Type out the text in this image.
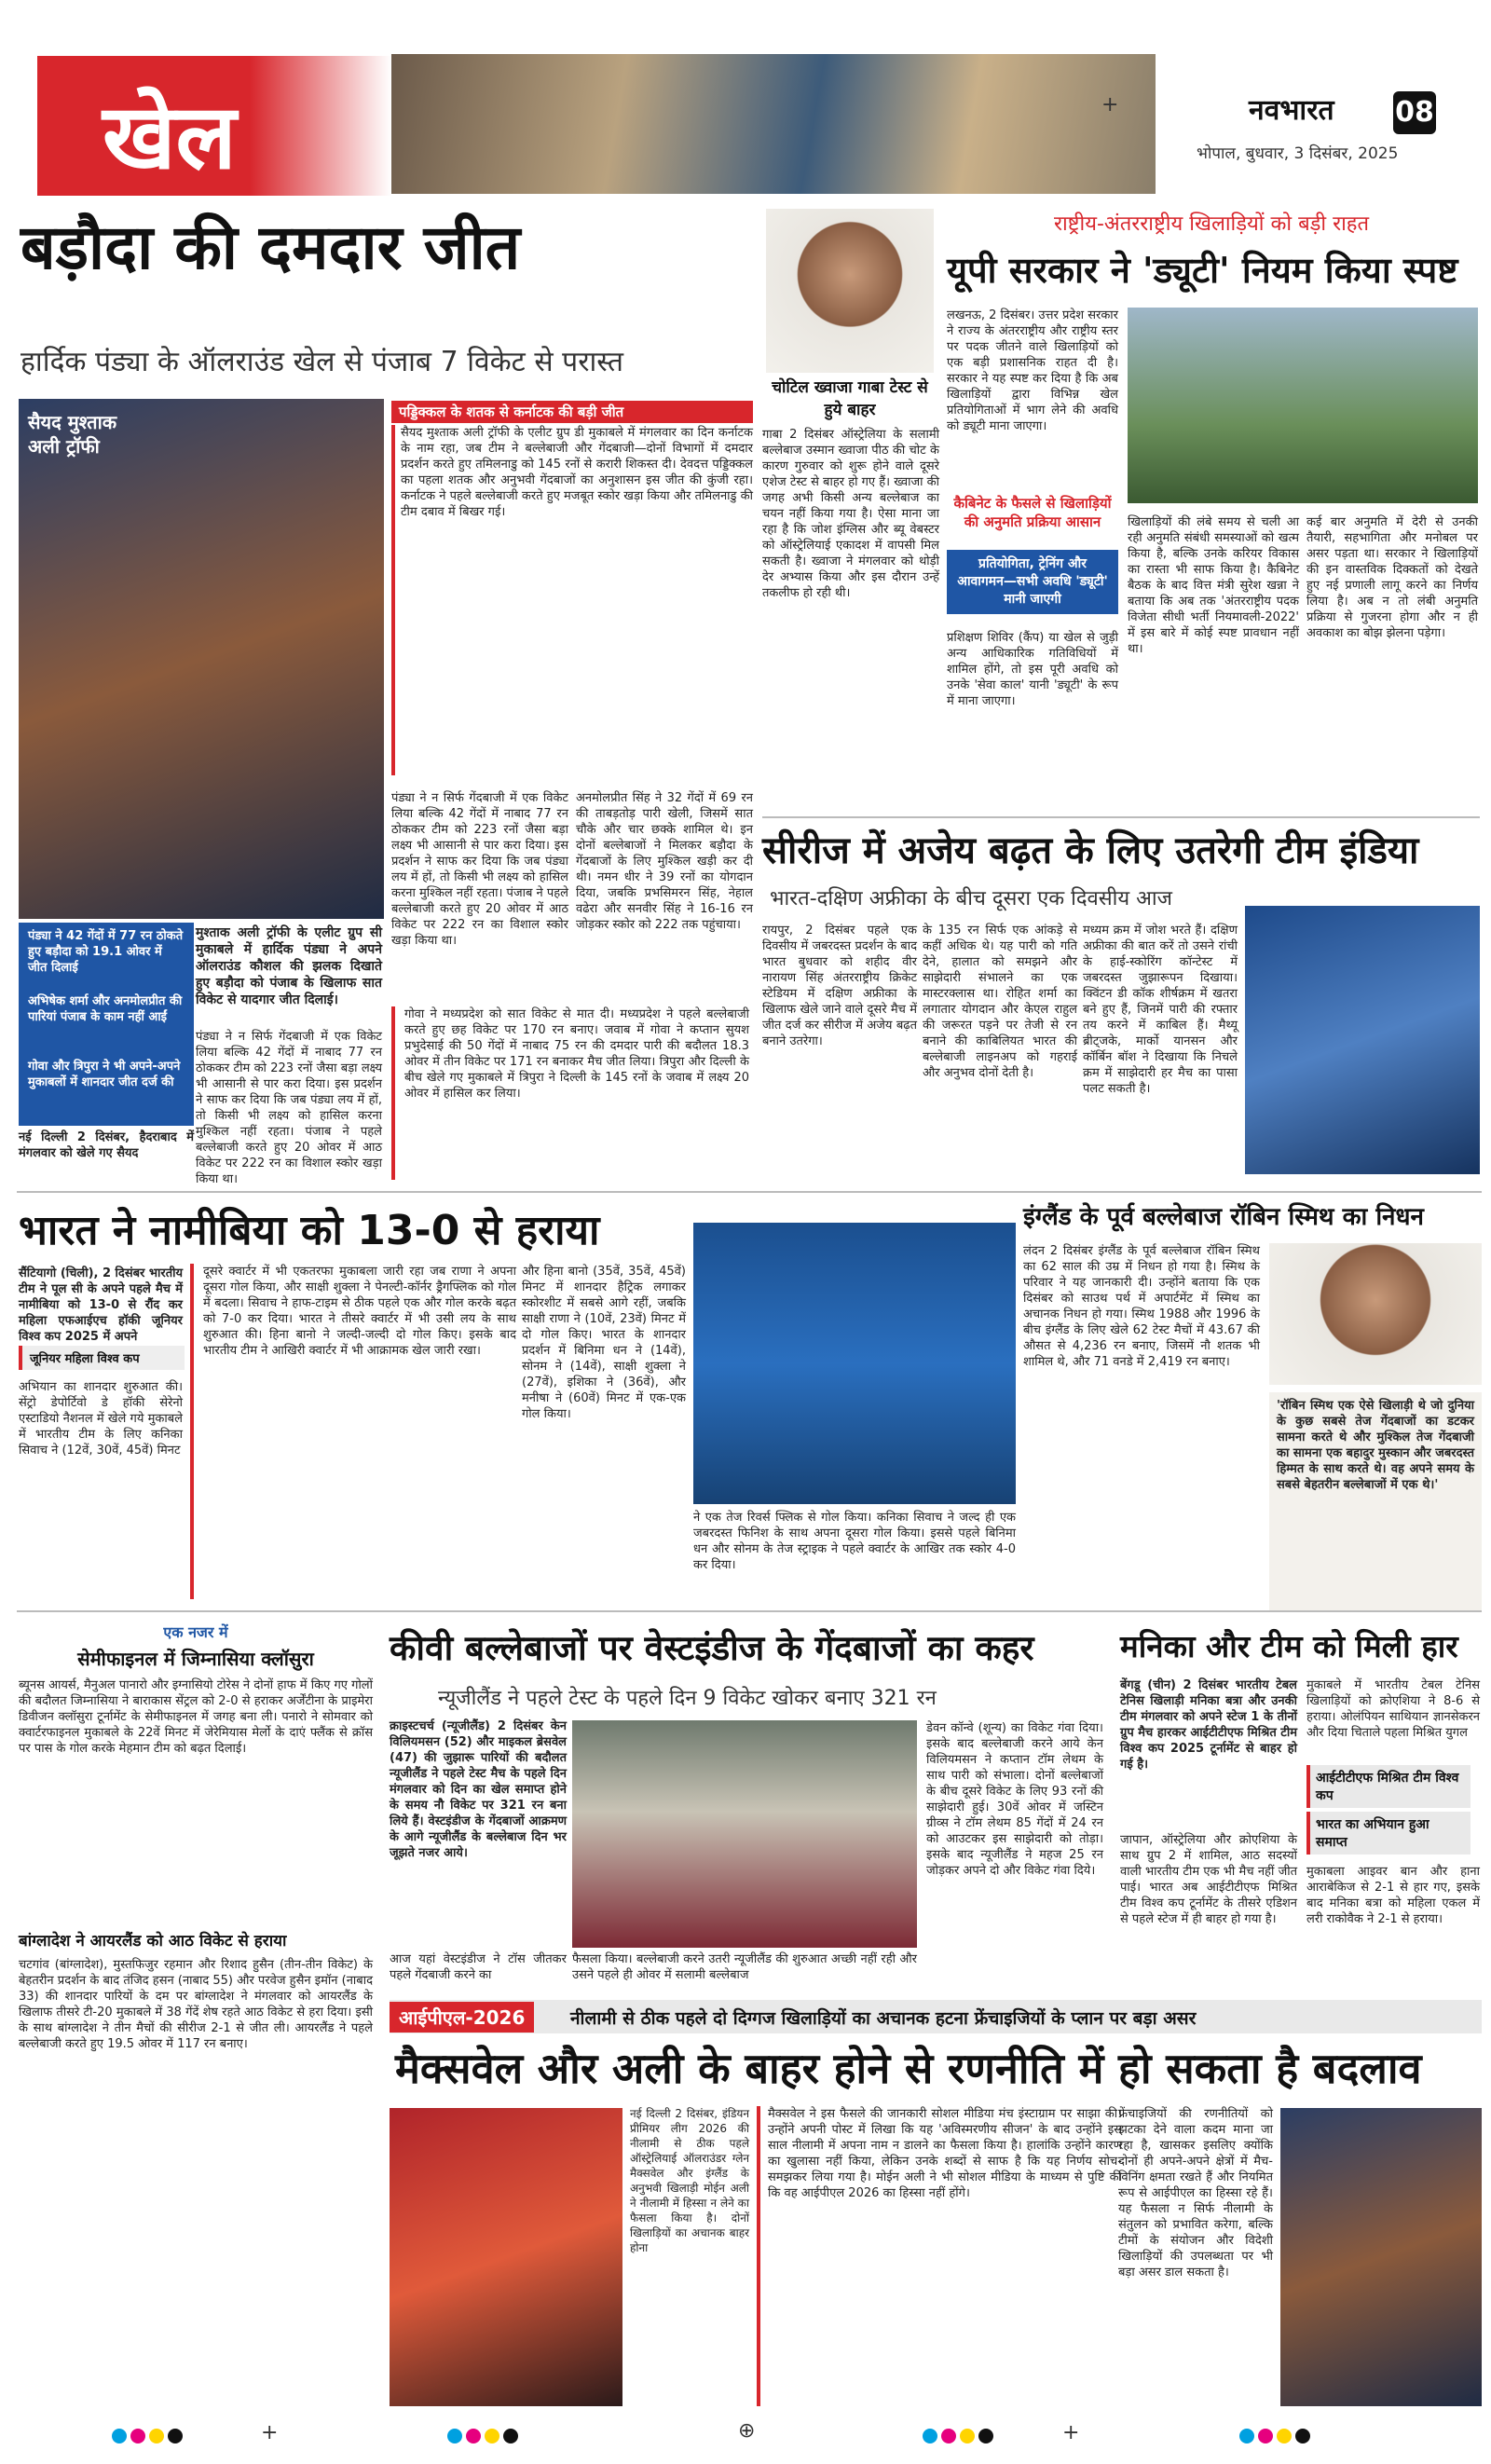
खेल	+	नवभारत 08
भोपाल, बुधवार, 3 दिसंबर, 2025
बड़ौदा की दमदार जीत
हार्दिक पंड्या के ऑलराउंड खेल से पंजाब 7 विकेट से परास्त
सैयद मुश्ताक अली ट्रॉफी
पंड्या ने 42 गेंदों में 77 रन ठोकते हुए बड़ौदा को 19.1 ओवर में जीत दिलाई
अभिषेक शर्मा और अनमोलप्रीत की पारियां पंजाब के काम नहीं आईं
गोवा और त्रिपुरा ने भी अपने-अपने मुकाबलों में शानदार जीत दर्ज की
नई दिल्ली 2 दिसंबर, हैदराबाद में मंगलवार को खेले गए सैयद
मुश्ताक अली ट्रॉफी के एलीट ग्रुप सी मुकाबले में हार्दिक पंड्या ने अपने ऑलराउंड कौशल की झलक दिखाते हुए बड़ौदा को पंजाब के खिलाफ सात विकेट से यादगार जीत दिलाई।
पंड्या ने न सिर्फ गेंदबाजी में एक विकेट लिया बल्कि 42 गेंदों में नाबाद 77 रन ठोककर टीम को 223 रनों जैसा बड़ा लक्ष्य भी आसानी से पार करा दिया। इस प्रदर्शन ने साफ कर दिया कि जब पंड्या लय में हों, तो किसी भी लक्ष्य को हासिल करना मुश्किल नहीं रहता। पंजाब ने पहले बल्लेबाजी करते हुए 20 ओवर में आठ विकेट पर 222 रन का विशाल स्कोर खड़ा किया था।
पड्डिक्कल के शतक से कर्नाटक की बड़ी जीत
सैयद मुश्ताक अली ट्रॉफी के एलीट ग्रुप डी मुकाबले में मंगलवार का दिन कर्नाटक के नाम रहा, जब टीम ने बल्लेबाजी और गेंदबाजी—दोनों विभागों में दमदार प्रदर्शन करते हुए तमिलनाडु को 145 रनों से करारी शिकस्त दी। देवदत्त पड्डिक्कल का पहला शतक और अनुभवी गेंदबाजों का अनुशासन इस जीत की कुंजी रहा। कर्नाटक ने पहले बल्लेबाजी करते हुए मजबूत स्कोर खड़ा किया और तमिलनाडु की टीम दबाव में बिखर गई।
पंड्या ने न सिर्फ गेंदबाजी में एक विकेट लिया बल्कि 42 गेंदों में नाबाद 77 रन ठोककर टीम को 223 रनों जैसा बड़ा लक्ष्य भी आसानी से पार करा दिया। इस प्रदर्शन ने साफ कर दिया कि जब पंड्या लय में हों, तो किसी भी लक्ष्य को हासिल करना मुश्किल नहीं रहता। पंजाब ने पहले बल्लेबाजी करते हुए 20 ओवर में आठ विकेट पर 222 रन का विशाल स्कोर खड़ा किया था।
अनमोलप्रीत सिंह ने 32 गेंदों में 69 रन की ताबड़तोड़ पारी खेली, जिसमें सात चौके और चार छक्के शामिल थे। इन दोनों बल्लेबाजों ने मिलकर बड़ौदा के गेंदबाजों के लिए मुश्किल खड़ी कर दी थी। नमन धीर ने 39 रनों का योगदान दिया, जबकि प्रभसिमरन सिंह, नेहाल वढेरा और सनवीर सिंह ने 16-16 रन जोड़कर स्कोर को 222 तक पहुंचाया।
गोवा ने मध्यप्रदेश को सात विकेट से मात दी। मध्यप्रदेश ने पहले बल्लेबाजी करते हुए छह विकेट पर 170 रन बनाए। जवाब में गोवा ने कप्तान सुयश प्रभुदेसाई की 50 गेंदों में नाबाद 75 रन की दमदार पारी की बदौलत 18.3 ओवर में तीन विकेट पर 171 रन बनाकर मैच जीत लिया। त्रिपुरा और दिल्ली के बीच खेले गए मुकाबले में त्रिपुरा ने दिल्ली के 145 रनों के जवाब में लक्ष्य 20 ओवर में हासिल कर लिया।
चोटिल ख्वाजा गाबा टेस्ट से हुये बाहर
गाबा 2 दिसंबर ऑस्ट्रेलिया के सलामी बल्लेबाज उस्मान ख्वाजा पीठ की चोट के कारण गुरुवार को शुरू होने वाले दूसरे एशेज टेस्ट से बाहर हो गए हैं। ख्वाजा की जगह अभी किसी अन्य बल्लेबाज का चयन नहीं किया गया है। ऐसा माना जा रहा है कि जोश इंग्लिस और ब्यू वेबस्टर को ऑस्ट्रेलियाई एकादश में वापसी मिल सकती है। ख्वाजा ने मंगलवार को थोड़ी देर अभ्यास किया और इस दौरान उन्हें तकलीफ हो रही थी।
राष्ट्रीय-अंतरराष्ट्रीय खिलाड़ियों को बड़ी राहत
यूपी सरकार ने 'ड्यूटी' नियम किया स्पष्ट
लखनऊ, 2 दिसंबर। उत्तर प्रदेश सरकार ने राज्य के अंतरराष्ट्रीय और राष्ट्रीय स्तर पर पदक जीतने वाले खिलाड़ियों को एक बड़ी प्रशासनिक राहत दी है। सरकार ने यह स्पष्ट कर दिया है कि अब खिलाड़ियों द्वारा विभिन्न खेल प्रतियोगिताओं में भाग लेने की अवधि को ड्यूटी माना जाएगा।
कैबिनेट के फैसले से खिलाड़ियों की अनुमति प्रक्रिया आसान
प्रतियोगिता, ट्रेनिंग और आवागमन—सभी अवधि 'ड्यूटी' मानी जाएगी
प्रशिक्षण शिविर (कैंप) या खेल से जुड़ी अन्य आधिकारिक गतिविधियों में शामिल होंगे, तो इस पूरी अवधि को उनके 'सेवा काल' यानी 'ड्यूटी' के रूप में माना जाएगा।
खिलाड़ियों की लंबे समय से चली आ रही अनुमति संबंधी समस्याओं को खत्म किया है, बल्कि उनके करियर विकास का रास्ता भी साफ किया है। कैबिनेट बैठक के बाद वित्त मंत्री सुरेश खन्ना ने बताया कि अब तक 'अंतरराष्ट्रीय पदक विजेता सीधी भर्ती नियमावली-2022' में इस बारे में कोई स्पष्ट प्रावधान नहीं था।
कई बार अनुमति में देरी से उनकी तैयारी, सहभागिता और मनोबल पर असर पड़ता था। सरकार ने खिलाड़ियों की इन वास्तविक दिक्कतों को देखते हुए नई प्रणाली लागू करने का निर्णय लिया है। अब न तो लंबी अनुमति प्रक्रिया से गुजरना होगा और न ही अवकाश का बोझ झेलना पड़ेगा।
सीरीज में अजेय बढ़त के लिए उतरेगी टीम इंडिया
भारत-दक्षिण अफ्रीका के बीच दूसरा एक दिवसीय आज
रायपुर, 2 दिसंबर पहले एक दिवसीय में जबरदस्त प्रदर्शन के बाद भारत बुधवार को शहीद वीर नारायण सिंह अंतरराष्ट्रीय क्रिकेट स्टेडियम में दक्षिण अफ्रीका के खिलाफ खेले जाने वाले दूसरे मैच में जीत दर्ज कर सीरीज में अजेय बढ़त बनाने उतरेगा।
के 135 रन सिर्फ एक आंकड़े से कहीं अधिक थे। यह पारी को गति देने, हालात को समझने और साझेदारी संभालने का एक मास्टरक्लास था। रोहित शर्मा का लगातार योगदान और केएल राहुल की जरूरत पड़ने पर तेजी से रन बनाने की काबिलियत भारत की बल्लेबाजी लाइनअप को गहराई और अनुभव दोनों देती है।
मध्यम क्रम में जोश भरते हैं। दक्षिण अफ्रीका की बात करें तो उसने रांची के हाई-स्कोरिंग कॉन्टेस्ट में जबरदस्त जुझारूपन दिखाया। क्विंटन डी कॉक शीर्षक्रम में खतरा बने हुए हैं, जिनमें पारी की रफ्तार तय करने में काबिल हैं। मैथ्यू ब्रीट्जके, मार्को यानसन और कॉर्बिन बॉश ने दिखाया कि निचले क्रम में साझेदारी हर मैच का पासा पलट सकती है।
भारत ने नामीबिया को 13-0 से हराया
सैंटियागो (चिली), 2 दिसंबर भारतीय टीम ने पूल सी के अपने पहले मैच में नामीबिया को 13-0 से रौंद कर महिला एफआईएच हॉकी जूनियर विश्व कप 2025 में अपने
जूनियर महिला विश्व कप
अभियान का शानदार शुरुआत की। सेंट्रो डेपोर्टिवो डे हॉकी सेरेनो एस्टाडियो नैशनल में खेले गये मुकाबले में भारतीय टीम के लिए कनिका सिवाच ने (12वें, 30वें, 45वें) मिनट
दूसरे क्वार्टर में भी एकतरफा मुकाबला जारी रहा जब राणा ने अपना दूसरा गोल किया, और साक्षी शुक्ला ने पेनल्टी-कॉर्नर ड्रैगफ्लिक को गोल में बदला। सिवाच ने हाफ-टाइम से ठीक पहले एक और गोल करके बढ़त को 7-0 कर दिया। भारत ने तीसरे क्वार्टर में भी उसी लय के साथ शुरुआत की। हिना बानो ने जल्दी-जल्दी दो गोल किए। इसके बाद भारतीय टीम ने आखिरी क्वार्टर में भी आक्रामक खेल जारी रखा।
और हिना बानो (35वें, 35वें, 45वें) मिनट में शानदार हैट्रिक लगाकर स्कोरशीट में सबसे आगे रहीं, जबकि साक्षी राणा ने (10वें, 23वें) मिनट में दो गोल किए। भारत के शानदार प्रदर्शन में बिनिमा धन ने (14वें), सोनम ने (14वें), साक्षी शुक्ला ने (27वें), इशिका ने (36वें), और मनीषा ने (60वें) मिनट में एक-एक गोल किया।
ने एक तेज रिवर्स फ्लिक से गोल किया। कनिका सिवाच ने जल्द ही एक जबरदस्त फिनिश के साथ अपना दूसरा गोल किया। इससे पहले बिनिमा धन और सोनम के तेज स्ट्राइक ने पहले क्वार्टर के आखिर तक स्कोर 4-0 कर दिया।
इंग्लैंड के पूर्व बल्लेबाज रॉबिन स्मिथ का निधन
लंदन 2 दिसंबर इंग्लैंड के पूर्व बल्लेबाज रॉबिन स्मिथ का 62 साल की उम्र में निधन हो गया है। स्मिथ के परिवार ने यह जानकारी दी। उन्होंने बताया कि एक दिसंबर को साउथ पर्थ में अपार्टमेंट में स्मिथ का अचानक निधन हो गया। स्मिथ 1988 और 1996 के बीच इंग्लैंड के लिए खेले 62 टेस्ट मैचों में 43.67 की औसत से 4,236 रन बनाए, जिसमें नौ शतक भी शामिल थे, और 71 वनडे में 2,419 रन बनाए।
'रॉबिन स्मिथ एक ऐसे खिलाड़ी थे जो दुनिया के कुछ सबसे तेज गेंदबाजों का डटकर सामना करते थे और मुश्किल तेज गेंदबाजी का सामना एक बहादुर मुस्कान और जबरदस्त हिम्मत के साथ करते थे। वह अपने समय के सबसे बेहतरीन बल्लेबाजों में एक थे।'
एक नजर में
सेमीफाइनल में जिम्नासिया क्लॉसुरा
ब्यूनस आयर्स, मैनुअल पानारो और इग्नासियो टोरेस ने दोनों हाफ में किए गए गोलों की बदौलत जिम्नासिया ने बाराकास सेंट्रल को 2-0 से हराकर अर्जेंटीना के प्राइमेरा डिवीजन क्लॉसुरा टूर्नामेंट के सेमीफाइनल में जगह बना ली। पनारो ने सोमवार को क्वार्टरफाइनल मुकाबले के 22वें मिनट में जेरेमियास मेर्लो के दाएं फ्लैंक से क्रॉस पर पास के गोल करके मेहमान टीम को बढ़त दिलाई।
बांग्लादेश ने आयरलैंड को आठ विकेट से हराया
चटगांव (बांग्लादेश), मुस्तफिजुर रहमान और रिशाद हुसैन (तीन-तीन विकेट) के बेहतरीन प्रदर्शन के बाद तंजिद हसन (नाबाद 55) और परवेज हुसैन इमॉन (नाबाद 33) की शानदार पारियों के दम पर बांग्लादेश ने मंगलवार को आयरलैंड के खिलाफ तीसरे टी-20 मुकाबले में 38 गेंदें शेष रहते आठ विकेट से हरा दिया। इसी के साथ बांग्लादेश ने तीन मैचों की सीरीज 2-1 से जीत ली। आयरलैंड ने पहले बल्लेबाजी करते हुए 19.5 ओवर में 117 रन बनाए।
कीवी बल्लेबाजों पर वेस्टइंडीज के गेंदबाजों का कहर
न्यूजीलैंड ने पहले टेस्ट के पहले दिन 9 विकेट खोकर बनाए 321 रन
क्राइस्टचर्च (न्यूजीलैंड) 2 दिसंबर केन विलियमसन (52) और माइकल ब्रेसवेल (47) की जुझारू पारियों की बदौलत न्यूजीलैंड ने पहले टेस्ट मैच के पहले दिन मंगलवार को दिन का खेल समाप्त होने के समय नौ विकेट पर 321 रन बना लिये हैं। वेस्टइंडीज के गेंदबाजों आक्रमण के आगे न्यूजीलैंड के बल्लेबाज दिन भर जूझते नजर आये।
आज यहां वेस्टइंडीज ने टॉस जीतकर पहले गेंदबाजी करने का
फैसला किया। बल्लेबाजी करने उतरी न्यूजीलैंड की शुरुआत अच्छी नहीं रही और उसने पहले ही ओवर में सलामी बल्लेबाज
डेवन कॉन्वे (शून्य) का विकेट गंवा दिया। इसके बाद बल्लेबाजी करने आये केन विलियमसन ने कप्तान टॉम लेथम के साथ पारी को संभाला। दोनों बल्लेबाजों के बीच दूसरे विकेट के लिए 93 रनों की साझेदारी हुई। 30वें ओवर में जस्टिन ग्रीव्स ने टॉम लेथम 85 गेंदों में 24 रन को आउटकर इस साझेदारी को तोड़ा। इसके बाद न्यूजीलैंड ने महज 25 रन जोड़कर अपने दो और विकेट गंवा दिये।
मनिका और टीम को मिली हार
बेंगडू (चीन) 2 दिसंबर भारतीय टेबल टेनिस खिलाड़ी मनिका बत्रा और उनकी टीम मंगलवार को अपने स्टेज 1 के तीनों ग्रुप मैच हारकर आईटीटीएफ मिश्रित टीम विश्व कप 2025 टूर्नामेंट से बाहर हो गई है।
मुकाबले में भारतीय टेबल टेनिस खिलाड़ियों को क्रोएशिया ने 8-6 से हराया। ओलंपियन साथियान ज्ञानसेकरन और दिया चिताले पहला मिश्रित युगल
आईटीटीएफ मिश्रित टीम विश्व कप
भारत का अभियान हुआ समाप्त
जापान, ऑस्ट्रेलिया और क्रोएशिया के साथ ग्रुप 2 में शामिल, आठ सदस्यों वाली भारतीय टीम एक भी मैच नहीं जीत पाई। भारत अब आईटीटीएफ मिश्रित टीम विश्व कप टूर्नामेंट के तीसरे एडिशन से पहले स्टेज में ही बाहर हो गया है।
मुकाबला आइवर बान और हाना आराबेकिज से 2-1 से हार गए, इसके बाद मनिका बत्रा को महिला एकल में लरी राकोवैक ने 2-1 से हराया।
आईपीएल-2026	नीलामी से ठीक पहले दो दिग्गज खिलाड़ियों का अचानक हटना फ्रेंचाइजियों के प्लान पर बड़ा असर
मैक्सवेल और अली के बाहर होने से रणनीति में हो सकता है बदलाव
नई दिल्ली 2 दिसंबर, इंडियन प्रीमियर लीग 2026 की नीलामी से ठीक पहले ऑस्ट्रेलियाई ऑलराउंडर ग्लेन मैक्सवेल और इंग्लैंड के अनुभवी खिलाड़ी मोईन अली ने नीलामी में हिस्सा न लेने का फैसला किया है। दोनों खिलाड़ियों का अचानक बाहर होना
मैक्सवेल ने इस फैसले की जानकारी सोशल मीडिया मंच इंस्टाग्राम पर साझा की। उन्होंने अपनी पोस्ट में लिखा कि यह 'अविस्मरणीय सीजन' के बाद उन्होंने इस साल नीलामी में अपना नाम न डालने का फैसला किया है। हालांकि उन्होंने कारण का खुलासा नहीं किया, लेकिन उनके शब्दों से साफ है कि यह निर्णय सोच-समझकर लिया गया है। मोईन अली ने भी सोशल मीडिया के माध्यम से पुष्टि की कि वह आईपीएल 2026 का हिस्सा नहीं होंगे।
फ्रेंचाइजियों की रणनीतियों को झटका देने वाला कदम माना जा रहा है, खासकर इसलिए क्योंकि दोनों ही अपने-अपने क्षेत्रों में मैच-विनिंग क्षमता रखते हैं और नियमित रूप से आईपीएल का हिस्सा रहे हैं। यह फैसला न सिर्फ नीलामी के संतुलन को प्रभावित करेगा, बल्कि टीमों के संयोजन और विदेशी खिलाड़ियों की उपलब्धता पर भी बड़ा असर डाल सकता है।
+	⊕	+
